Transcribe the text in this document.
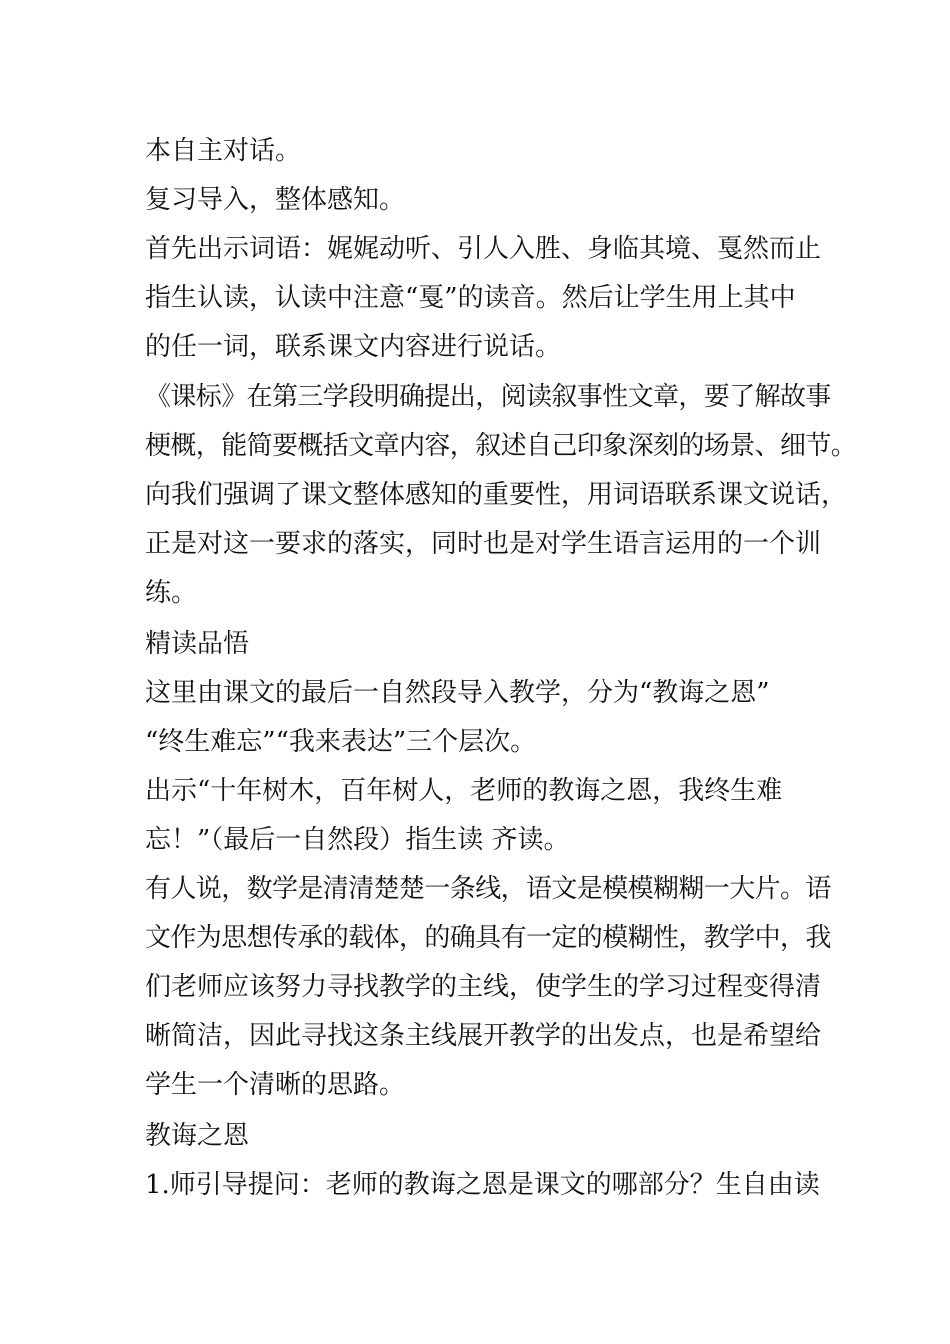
本自主对话。
复习导入，整体感知。
首先出示词语：娓娓动听、引人入胜、身临其境、戛然而止
指生认读，认读中注意“戛”的读音。然后让学生用上其中
的任一词，联系课文内容进行说话。
《课标》在第三学段明确提出，阅读叙事性文章，要了解故事
梗概，能简要概括文章内容，叙述自己印象深刻的场景、细节。
向我们强调了课文整体感知的重要性，用词语联系课文说话，
正是对这一要求的落实，同时也是对学生语言运用的一个训
练。
精读品悟
这里由课文的最后一自然段导入教学，分为“教诲之恩”
“终生难忘”“我来表达”三个层次。
出示“十年树木，百年树人，老师的教诲之恩，我终生难
忘！”（最后一自然段）指生读 齐读。
有人说，数学是清清楚楚一条线，语文是模模糊糊一大片。语
文作为思想传承的载体，的确具有一定的模糊性，教学中，我
们老师应该努力寻找教学的主线，使学生的学习过程变得清
晰简洁，因此寻找这条主线展开教学的出发点，也是希望给
学生一个清晰的思路。
教诲之恩
1.师引导提问：老师的教诲之恩是课文的哪部分？生自由读
